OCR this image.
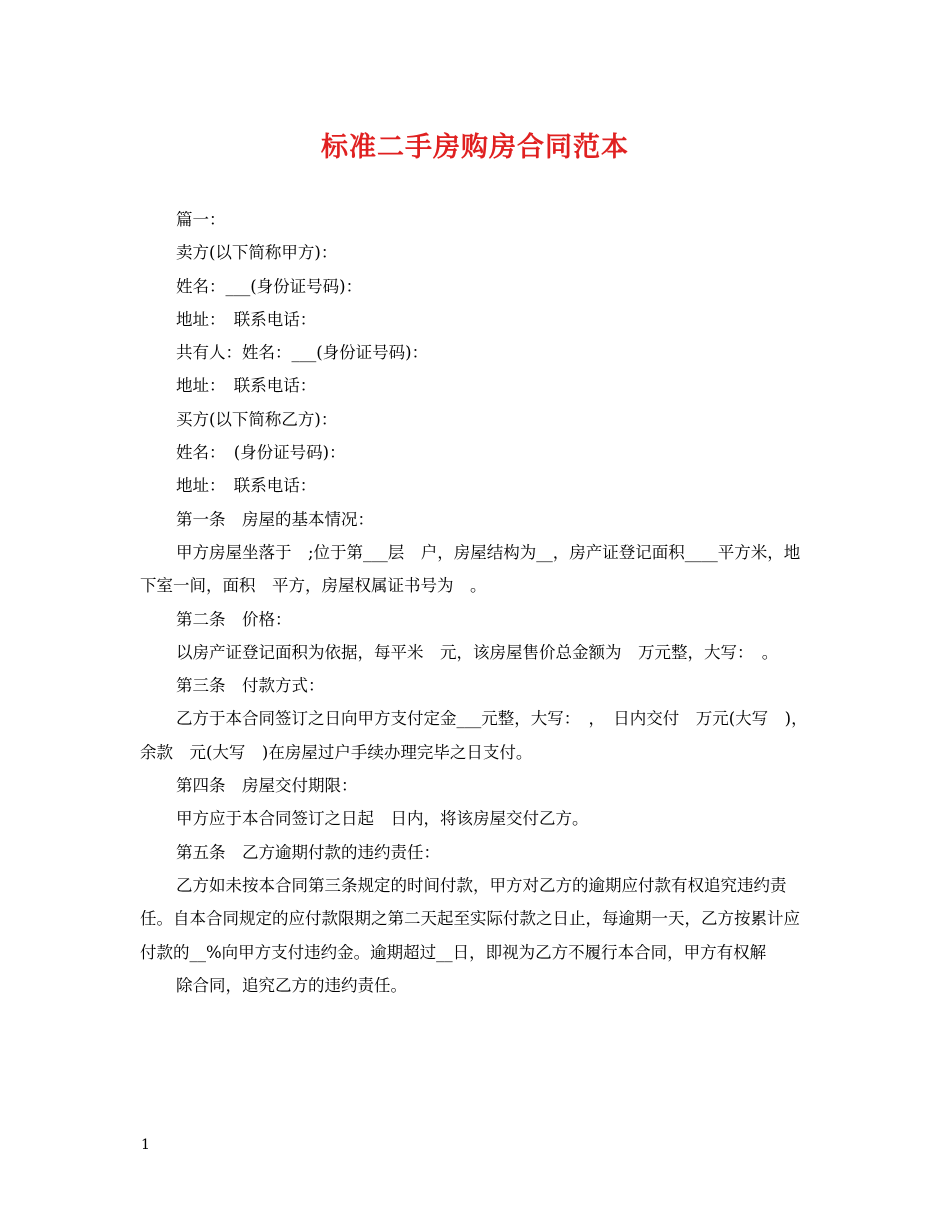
标准二手房购房合同范本

篇一：

卖方(以下简称甲方)：

姓名：___(身份证号码)：

地址：　联系电话：

共有人：姓名：___(身份证号码)：

地址：　联系电话：

买方(以下简称乙方)：

姓名：　(身份证号码)：

地址：　联系电话：

第一条　房屋的基本情况：

甲方房屋坐落于　;位于第___层　户，房屋结构为__，房产证登记面积____平方米，地下室一间，面积　平方，房屋权属证书号为　。

第二条　价格：

以房产证登记面积为依据，每平米　元，该房屋售价总金额为　万元整，大写：　。

第三条　付款方式：

乙方于本合同签订之日向甲方支付定金___元整，大写：　，　日内交付　万元(大写　)，余款　元(大写　)在房屋过户手续办理完毕之日支付。

第四条　房屋交付期限：

甲方应于本合同签订之日起　日内，将该房屋交付乙方。

第五条　乙方逾期付款的违约责任：

乙方如未按本合同第三条规定的时间付款，甲方对乙方的逾期应付款有权追究违约责任。自本合同规定的应付款限期之第二天起至实际付款之日止，每逾期一天，乙方按累计应付款的__%向甲方支付违约金。逾期超过__日，即视为乙方不履行本合同，甲方有权解

除合同，追究乙方的违约责任。

1
